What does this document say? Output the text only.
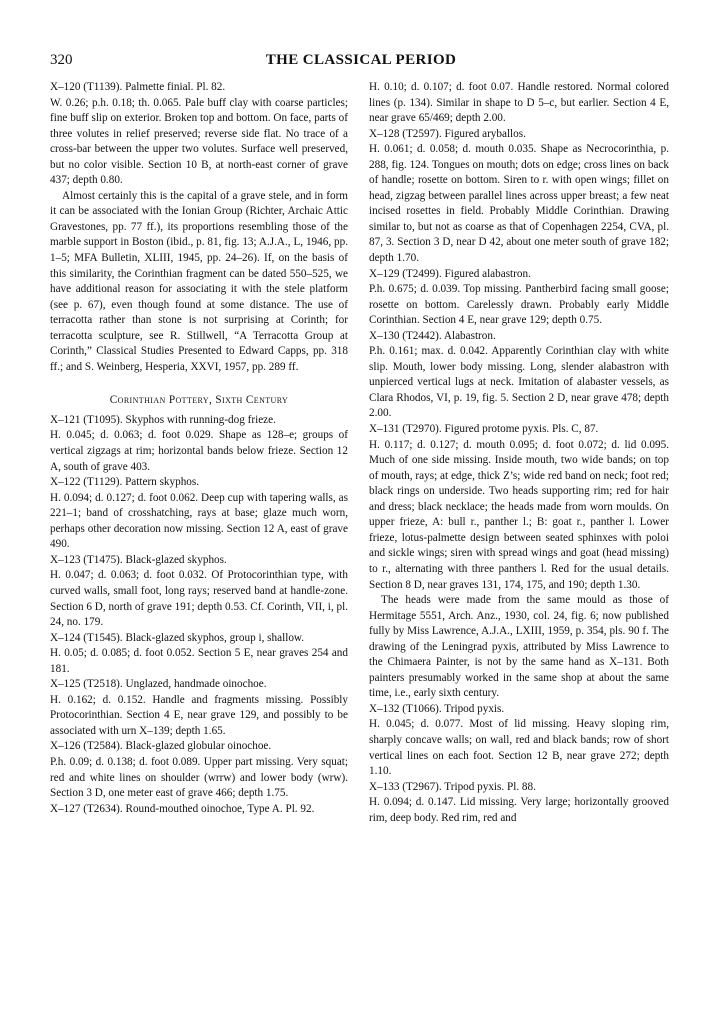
320	THE CLASSICAL PERIOD
X–120 (T1139). Palmette finial. Pl. 82.
W. 0.26; p.h. 0.18; th. 0.065. Pale buff clay with coarse particles; fine buff slip on exterior. Broken top and bottom. On face, parts of three volutes in relief preserved; reverse side flat. No trace of a cross-bar between the upper two volutes. Surface well preserved, but no color visible. Section 10 B, at north-east corner of grave 437; depth 0.80.
Almost certainly this is the capital of a grave stele, and in form it can be associated with the Ionian Group (Richter, Archaic Attic Gravestones, pp. 77 ff.), its proportions resembling those of the marble support in Boston (ibid., p. 81, fig. 13; A.J.A., L, 1946, pp. 1–5; MFA Bulletin, XLIII, 1945, pp. 24–26). If, on the basis of this similarity, the Corinthian fragment can be dated 550–525, we have additional reason for associating it with the stele platform (see p. 67), even though found at some distance. The use of terracotta rather than stone is not surprising at Corinth; for terracotta sculpture, see R. Stillwell, “A Terracotta Group at Corinth,” Classical Studies Presented to Edward Capps, pp. 318 ff.; and S. Weinberg, Hesperia, XXVI, 1957, pp. 289 ff.
Corinthian Pottery, Sixth Century
X–121 (T1095). Skyphos with running-dog frieze.
H. 0.045; d. 0.063; d. foot 0.029. Shape as 128–e; groups of vertical zigzags at rim; horizontal bands below frieze. Section 12 A, south of grave 403.
X–122 (T1129). Pattern skyphos.
H. 0.094; d. 0.127; d. foot 0.062. Deep cup with tapering walls, as 221–1; band of crosshatching, rays at base; glaze much worn, perhaps other decoration now missing. Section 12 A, east of grave 490.
X–123 (T1475). Black-glazed skyphos.
H. 0.047; d. 0.063; d. foot 0.032. Of Protocorinthian type, with curved walls, small foot, long rays; reserved band at handle-zone. Section 6 D, north of grave 191; depth 0.53. Cf. Corinth, VII, i, pl. 24, no. 179.
X–124 (T1545). Black-glazed skyphos, group i, shallow.
H. 0.05; d. 0.085; d. foot 0.052. Section 5 E, near graves 254 and 181.
X–125 (T2518). Unglazed, handmade oinochoe.
H. 0.162; d. 0.152. Handle and fragments missing. Possibly Protocorinthian. Section 4 E, near grave 129, and possibly to be associated with urn X–139; depth 1.65.
X–126 (T2584). Black-glazed globular oinochoe.
P.h. 0.09; d. 0.138; d. foot 0.089. Upper part missing. Very squat; red and white lines on shoulder (wrrw) and lower body (wrw). Section 3 D, one meter east of grave 466; depth 1.75.
X–127 (T2634). Round-mouthed oinochoe, Type A. Pl. 92.
H. 0.10; d. 0.107; d. foot 0.07. Handle restored. Normal colored lines (p. 134). Similar in shape to D 5–c, but earlier. Section 4 E, near grave 65/469; depth 2.00.
X–128 (T2597). Figured aryballos.
H. 0.061; d. 0.058; d. mouth 0.035. Shape as Necrocorinthia, p. 288, fig. 124. Tongues on mouth; dots on edge; cross lines on back of handle; rosette on bottom. Siren to r. with open wings; fillet on head, zigzag between parallel lines across upper breast; a few neat incised rosettes in field. Probably Middle Corinthian. Drawing similar to, but not as coarse as that of Copenhagen 2254, CVA, pl. 87, 3. Section 3 D, near D 42, about one meter south of grave 182; depth 1.70.
X–129 (T2499). Figured alabastron.
P.h. 0.675; d. 0.039. Top missing. Pantherbird facing small goose; rosette on bottom. Carelessly drawn. Probably early Middle Corinthian. Section 4 E, near grave 129; depth 0.75.
X–130 (T2442). Alabastron.
P.h. 0.161; max. d. 0.042. Apparently Corinthian clay with white slip. Mouth, lower body missing. Long, slender alabastron with unpierced vertical lugs at neck. Imitation of alabaster vessels, as Clara Rhodos, VI, p. 19, fig. 5. Section 2 D, near grave 478; depth 2.00.
X–131 (T2970). Figured protome pyxis. Pls. C, 87.
H. 0.117; d. 0.127; d. mouth 0.095; d. foot 0.072; d. lid 0.095. Much of one side missing. Inside mouth, two wide bands; on top of mouth, rays; at edge, thick Z’s; wide red band on neck; foot red; black rings on underside. Two heads supporting rim; red for hair and dress; black necklace; the heads made from worn moulds. On upper frieze, A: bull r., panther l.; B: goat r., panther l. Lower frieze, lotus-palmette design between seated sphinxes with poloi and sickle wings; siren with spread wings and goat (head missing) to r., alternating with three panthers l. Red for the usual details. Section 8 D, near graves 131, 174, 175, and 190; depth 1.30.
The heads were made from the same mould as those of Hermitage 5551, Arch. Anz., 1930, col. 24, fig. 6; now published fully by Miss Lawrence, A.J.A., LXIII, 1959, p. 354, pls. 90 f. The drawing of the Leningrad pyxis, attributed by Miss Lawrence to the Chimaera Painter, is not by the same hand as X–131. Both painters presumably worked in the same shop at about the same time, i.e., early sixth century.
X–132 (T1066). Tripod pyxis.
H. 0.045; d. 0.077. Most of lid missing. Heavy sloping rim, sharply concave walls; on wall, red and black bands; row of short vertical lines on each foot. Section 12 B, near grave 272; depth 1.10.
X–133 (T2967). Tripod pyxis. Pl. 88.
H. 0.094; d. 0.147. Lid missing. Very large; horizontally grooved rim, deep body. Red rim, red and
